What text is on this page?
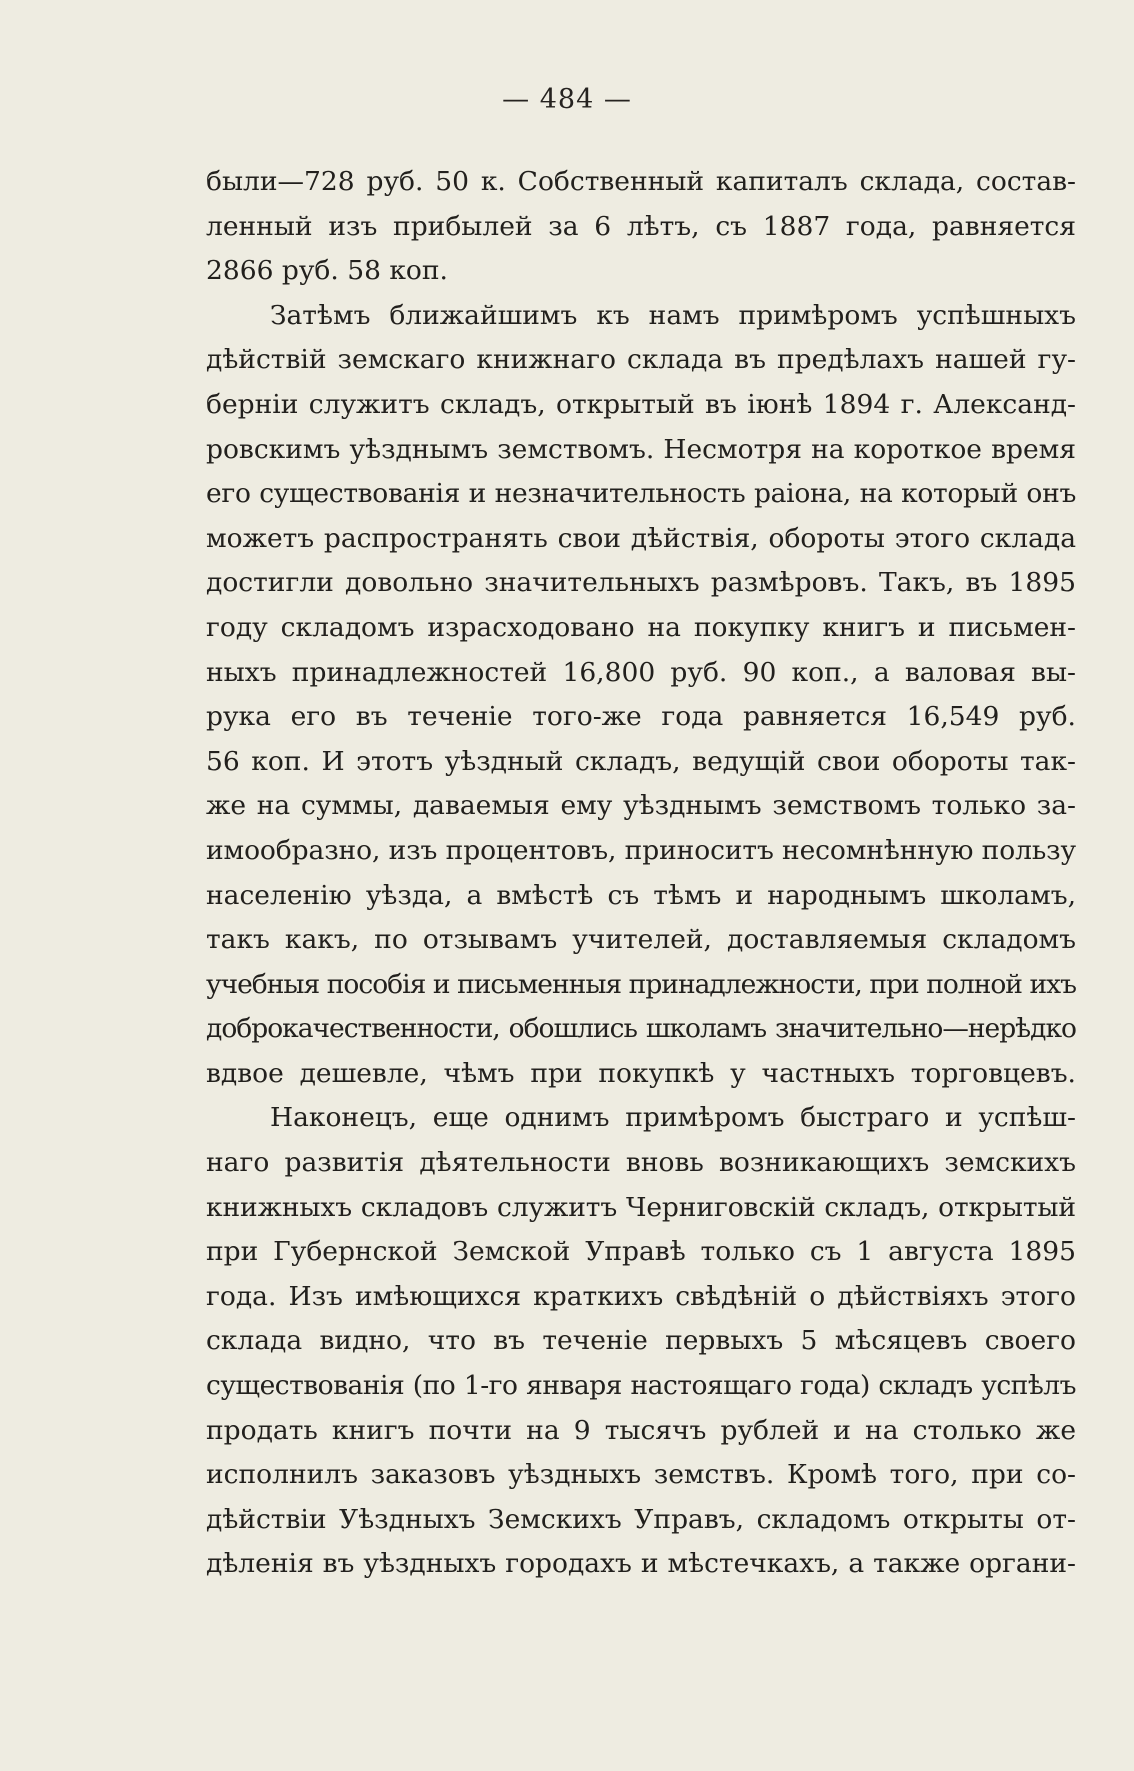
— 484 —
были—728 руб. 50 к. Собственный капиталъ склада, состав-
ленный изъ прибылей за 6 лѣтъ, съ 1887 года, равняется
2866 руб. 58 коп.
Затѣмъ ближайшимъ къ намъ примѣромъ успѣшныхъ
дѣйствій земскаго книжнаго склада въ предѣлахъ нашей гу-
берніи служитъ складъ, открытый въ іюнѣ 1894 г. Александ-
ровскимъ уѣзднымъ земствомъ. Несмотря на короткое время
его существованія и незначительность раіона, на который онъ
можетъ распространять свои дѣйствія, обороты этого склада
достигли довольно значительныхъ размѣровъ. Такъ, въ 1895
году складомъ израсходовано на покупку книгъ и письмен-
ныхъ принадлежностей 16,800 руб. 90 коп., а валовая вы-
рука его въ теченіе того-же года равняется 16,549 руб.
56 коп. И этотъ уѣздный складъ, ведущій свои обороты так-
же на суммы, даваемыя ему уѣзднымъ земствомъ только за-
имообразно, изъ процентовъ, приноситъ несомнѣнную пользу
населенію уѣзда, а вмѣстѣ съ тѣмъ и народнымъ школамъ,
такъ какъ, по отзывамъ учителей, доставляемыя складомъ
учебныя пособія и письменныя принадлежности, при полной ихъ
доброкачественности, обошлись школамъ значительно—нерѣдко
вдвое дешевле, чѣмъ при покупкѣ у частныхъ торговцевъ.
Наконецъ, еще однимъ примѣромъ быстраго и успѣш-
наго развитія дѣятельности вновь возникающихъ земскихъ
книжныхъ складовъ служитъ Черниговскій складъ, открытый
при Губернской Земской Управѣ только съ 1 августа 1895
года. Изъ имѣющихся краткихъ свѣдѣній о дѣйствіяхъ этого
склада видно, что въ теченіе первыхъ 5 мѣсяцевъ своего
существованія (по 1-го января настоящаго года) складъ успѣлъ
продать книгъ почти на 9 тысячъ рублей и на столько же
исполнилъ заказовъ уѣздныхъ земствъ. Кромѣ того, при со-
дѣйствіи Уѣздныхъ Земскихъ Управъ, складомъ открыты от-
дѣленія въ уѣздныхъ городахъ и мѣстечкахъ, а также органи-
